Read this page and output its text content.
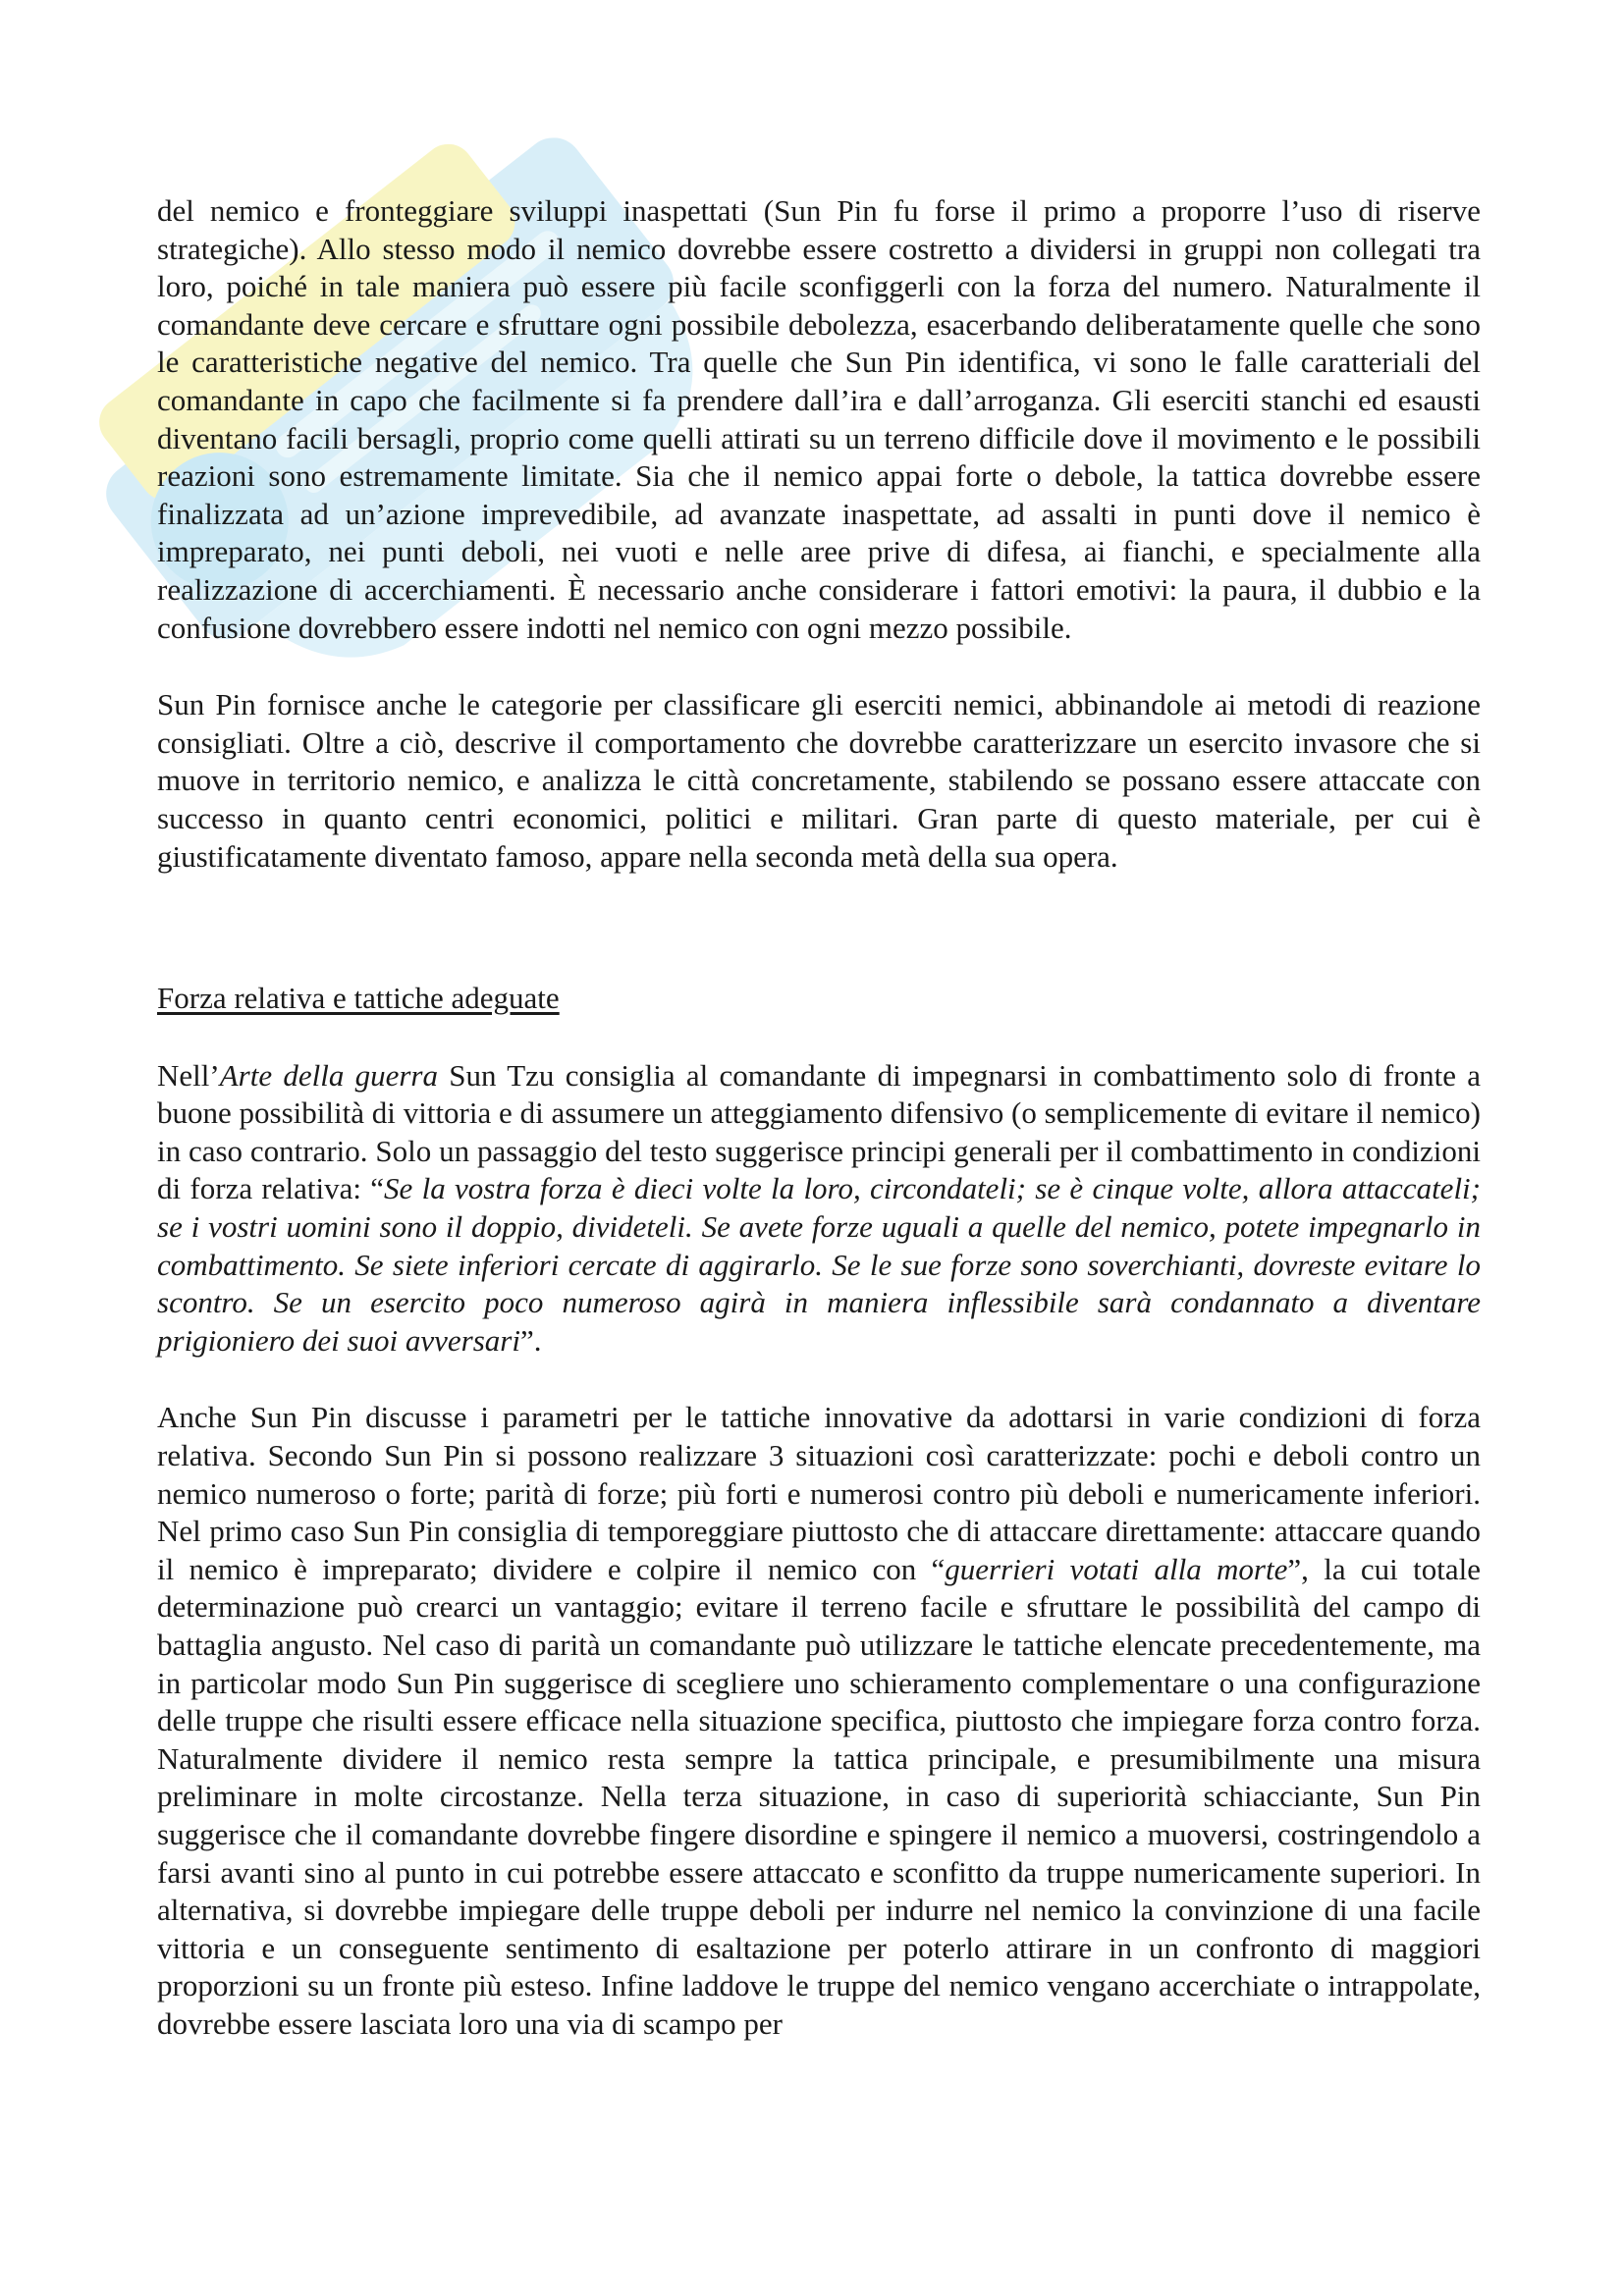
del nemico e fronteggiare sviluppi inaspettati (Sun Pin fu forse il primo a proporre l’uso di riserve strategiche). Allo stesso modo il nemico dovrebbe essere costretto a dividersi in gruppi non collegati tra loro, poiché in tale maniera può essere più facile sconfiggerli con la forza del numero. Naturalmente il comandante deve cercare e sfruttare ogni possibile debolezza, esacerbando deliberatamente quelle che sono le caratteristiche negative del nemico. Tra quelle che Sun Pin identifica, vi sono le falle caratteriali del comandante in capo che facilmente si fa prendere dall’ira e dall’arroganza. Gli eserciti stanchi ed esausti diventano facili bersagli, proprio come quelli attirati su un terreno difficile dove il movimento e le possibili reazioni sono estremamente limitate. Sia che il nemico appai forte o debole, la tattica dovrebbe essere finalizzata ad un’azione imprevedibile, ad avanzate inaspettate, ad assalti in punti dove il nemico è impreparato, nei punti deboli, nei vuoti e nelle aree prive di difesa, ai fianchi, e specialmente alla realizzazione di accerchiamenti. È necessario anche considerare i fattori emotivi: la paura, il dubbio e la confusione dovrebbero essere indotti nel nemico con ogni mezzo possibile.

Sun Pin fornisce anche le categorie per classificare gli eserciti nemici, abbinandole ai metodi di reazione consigliati. Oltre a ciò, descrive il comportamento che dovrebbe caratterizzare un esercito invasore che si muove in territorio nemico, e analizza le città concretamente, stabilendo se possano essere attaccate con successo in quanto centri economici, politici e militari. Gran parte di questo materiale, per cui è giustificatamente diventato famoso, appare nella seconda metà della sua opera.

Forza relativa e tattiche adeguate

Nell’Arte della guerra Sun Tzu consiglia al comandante di impegnarsi in combattimento solo di fronte a buone possibilità di vittoria e di assumere un atteggiamento difensivo (o semplicemente di evitare il nemico) in caso contrario. Solo un passaggio del testo suggerisce principi generali per il combattimento in condizioni di forza relativa: “Se la vostra forza è dieci volte la loro, circondateli; se è cinque volte, allora attaccateli; se i vostri uomini sono il doppio, divideteli. Se avete forze uguali a quelle del nemico, potete impegnarlo in combattimento. Se siete inferiori cercate di aggirarlo. Se le sue forze sono soverchianti, dovreste evitare lo scontro. Se un esercito poco numeroso agirà in maniera inflessibile sarà condannato a diventare prigioniero dei suoi avversari”.

Anche Sun Pin discusse i parametri per le tattiche innovative da adottarsi in varie condizioni di forza relativa. Secondo Sun Pin si possono realizzare 3 situazioni così caratterizzate: pochi e deboli contro un nemico numeroso o forte; parità di forze; più forti e numerosi contro più deboli e numericamente inferiori. Nel primo caso Sun Pin consiglia di temporeggiare piuttosto che di attaccare direttamente: attaccare quando il nemico è impreparato; dividere e colpire il nemico con “guerrieri votati alla morte”, la cui totale determinazione può crearci un vantaggio; evitare il terreno facile e sfruttare le possibilità del campo di battaglia angusto. Nel caso di parità un comandante può utilizzare le tattiche elencate precedentemente, ma in particolar modo Sun Pin suggerisce di scegliere uno schieramento complementare o una configurazione delle truppe che risulti essere efficace nella situazione specifica, piuttosto che impiegare forza contro forza. Naturalmente dividere il nemico resta sempre la tattica principale, e presumibilmente una misura preliminare in molte circostanze. Nella terza situazione, in caso di superiorità schiacciante, Sun Pin suggerisce che il comandante dovrebbe fingere disordine e spingere il nemico a muoversi, costringendolo a farsi avanti sino al punto in cui potrebbe essere attaccato e sconfitto da truppe numericamente superiori. In alternativa, si dovrebbe impiegare delle truppe deboli per indurre nel nemico la convinzione di una facile vittoria e un conseguente sentimento di esaltazione per poterlo attirare in un confronto di maggiori proporzioni su un fronte più esteso. Infine laddove le truppe del nemico vengano accerchiate o intrappolate, dovrebbe essere lasciata loro una via di scampo per
